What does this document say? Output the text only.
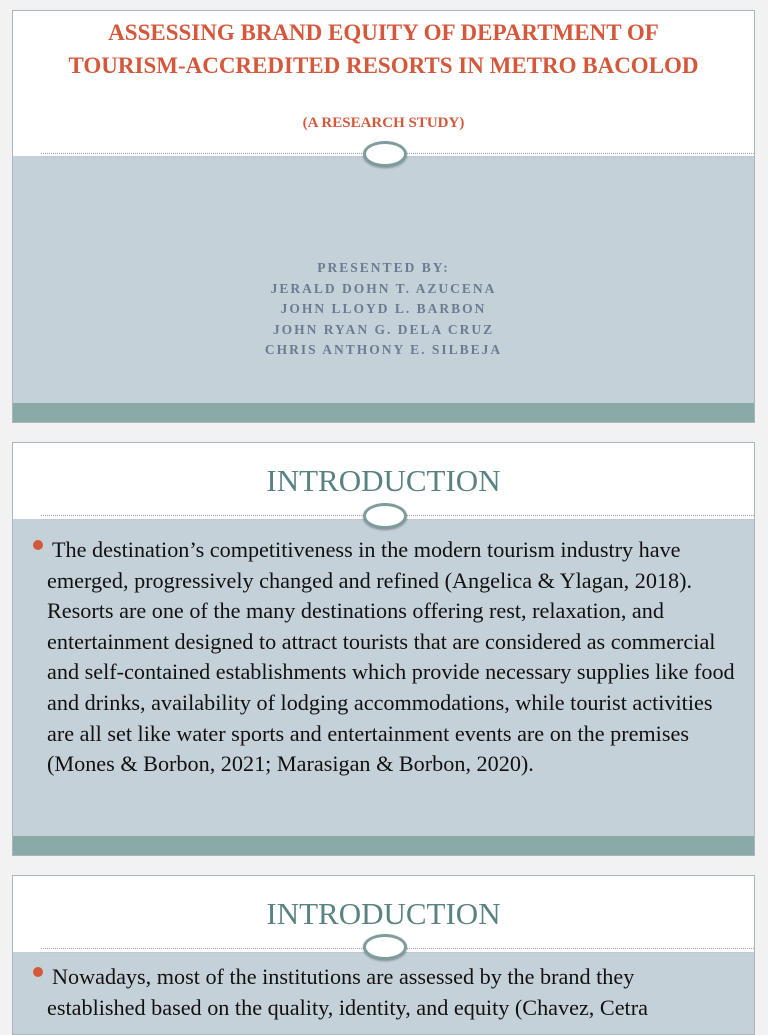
ASSESSING BRAND EQUITY OF DEPARTMENT OF
TOURISM-ACCREDITED RESORTS IN METRO BACOLOD
(A RESEARCH STUDY)
PRESENTED BY:
JERALD DOHN T. AZUCENA
JOHN LLOYD L. BARBON
JOHN RYAN G. DELA CRUZ
CHRIS ANTHONY E. SILBEJA
INTRODUCTION

The destination’s competitiveness in the modern tourism industry have emerged, progressively changed and refined (Angelica & Ylagan, 2018). Resorts are one of the many destinations offering rest, relaxation, and entertainment designed to attract tourists that are considered as commercial and self-contained establishments which provide necessary supplies like food and drinks, availability of lodging accommodations, while tourist activities are all set like water sports and entertainment events are on the premises (Mones & Borbon, 2021; Marasigan & Borbon, 2020).

INTRODUCTION

Nowadays, most of the institutions are assessed by the brand they established based on the quality, identity, and equity (Chavez, Cetra
